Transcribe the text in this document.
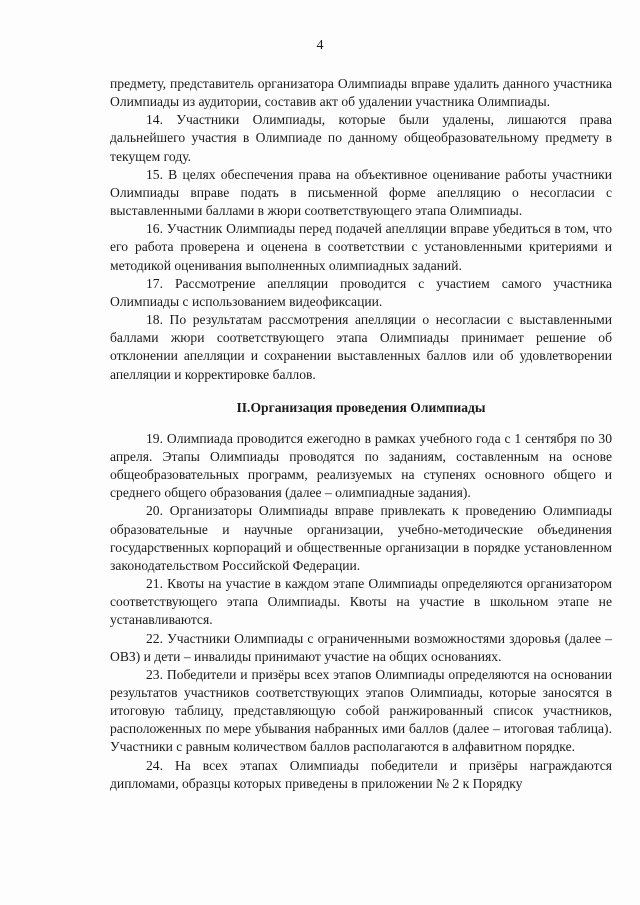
4

предмету, представитель организатора Олимпиады вправе удалить данного участника Олимпиады из аудитории, составив акт об удалении участника Олимпиады.

14. Участники Олимпиады, которые были удалены, лишаются права дальнейшего участия в Олимпиаде по данному общеобразовательному предмету в текущем году.

15. В целях обеспечения права на объективное оценивание работы участники Олимпиады вправе подать в письменной форме апелляцию о несогласии с выставленными баллами в жюри соответствующего этапа Олимпиады.

16. Участник Олимпиады перед подачей апелляции вправе убедиться в том, что его работа проверена и оценена в соответствии с установленными критериями и методикой оценивания выполненных олимпиадных заданий.

17. Рассмотрение апелляции проводится с участием самого участника Олимпиады с использованием видеофиксации.

18. По результатам рассмотрения апелляции о несогласии с выставленными баллами жюри соответствующего этапа Олимпиады принимает решение об отклонении апелляции и сохранении выставленных баллов или об удовлетворении апелляции и корректировке баллов.

II.Организация проведения Олимпиады

19. Олимпиада проводится ежегодно в рамках учебного года с 1 сентября по 30 апреля. Этапы Олимпиады проводятся по заданиям, составленным на основе общеобразовательных программ, реализуемых на ступенях основного общего и среднего общего образования (далее – олимпиадные задания).

20. Организаторы Олимпиады вправе привлекать к проведению Олимпиады образовательные и научные организации, учебно-методические объединения государственных корпораций и общественные организации в порядке установленном законодательством Российской Федерации.

21. Квоты на участие в каждом этапе Олимпиады определяются организатором соответствующего этапа Олимпиады. Квоты на участие в школьном этапе не устанавливаются.

22. Участники Олимпиады с ограниченными возможностями здоровья (далее – ОВЗ) и дети – инвалиды принимают участие на общих основаниях.

23. Победители и призёры всех этапов Олимпиады определяются на основании результатов участников соответствующих этапов Олимпиады, которые заносятся в итоговую таблицу, представляющую собой ранжированный список участников, расположенных по мере убывания набранных ими баллов (далее – итоговая таблица). Участники с равным количеством баллов располагаются в алфавитном порядке.

24. На всех этапах Олимпиады победители и призёры награждаются дипломами, образцы которых приведены в приложении № 2 к Порядку
